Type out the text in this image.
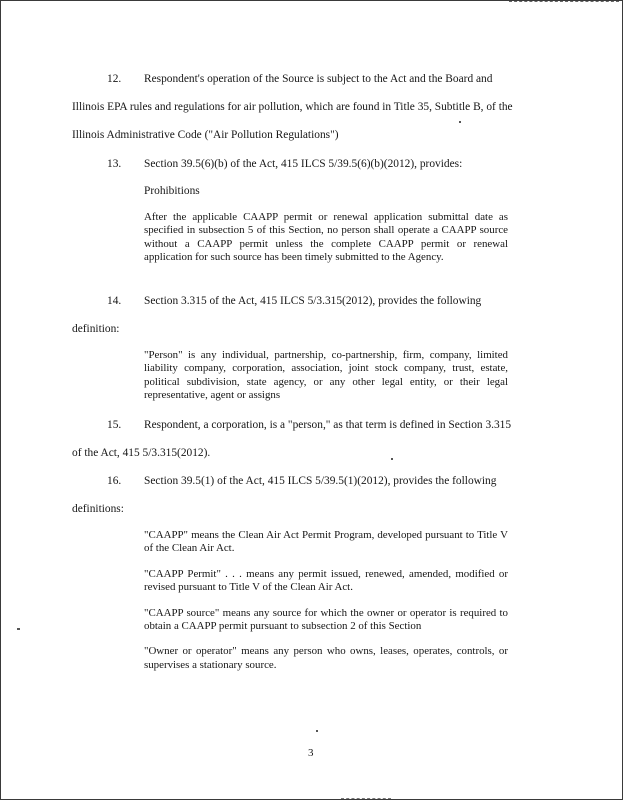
12. Respondent's operation of the Source is subject to the Act and the Board and
Illinois EPA rules and regulations for air pollution, which are found in Title 35, Subtitle B, of the
Illinois Administrative Code ("Air Pollution Regulations")
13. Section 39.5(6)(b) of the Act, 415 ILCS 5/39.5(6)(b)(2012), provides:
Prohibitions

After the applicable CAAPP permit or renewal application submittal date as specified in subsection 5 of this Section, no person shall operate a CAAPP source without a CAAPP permit unless the complete CAAPP permit or renewal application for such source has been timely submitted to the Agency.

14. Section 3.315 of the Act, 415 ILCS 5/3.315(2012), provides the following
definition:

"Person" is any individual, partnership, co-partnership, firm, company, limited liability company, corporation, association, joint stock company, trust, estate, political subdivision, state agency, or any other legal entity, or their legal representative, agent or assigns

15. Respondent, a corporation, is a "person," as that term is defined in Section 3.315
of the Act, 415 5/3.315(2012).
16. Section 39.5(1) of the Act, 415 ILCS 5/39.5(1)(2012), provides the following
definitions:

"CAAPP" means the Clean Air Act Permit Program, developed pursuant to Title V of the Clean Air Act.

"CAAPP Permit" . . . means any permit issued, renewed, amended, modified or revised pursuant to Title V of the Clean Air Act.

"CAAPP source" means any source for which the owner or operator is required to obtain a CAAPP permit pursuant to subsection 2 of this Section

"Owner or operator" means any person who owns, leases, operates, controls, or supervises a stationary source.

3
